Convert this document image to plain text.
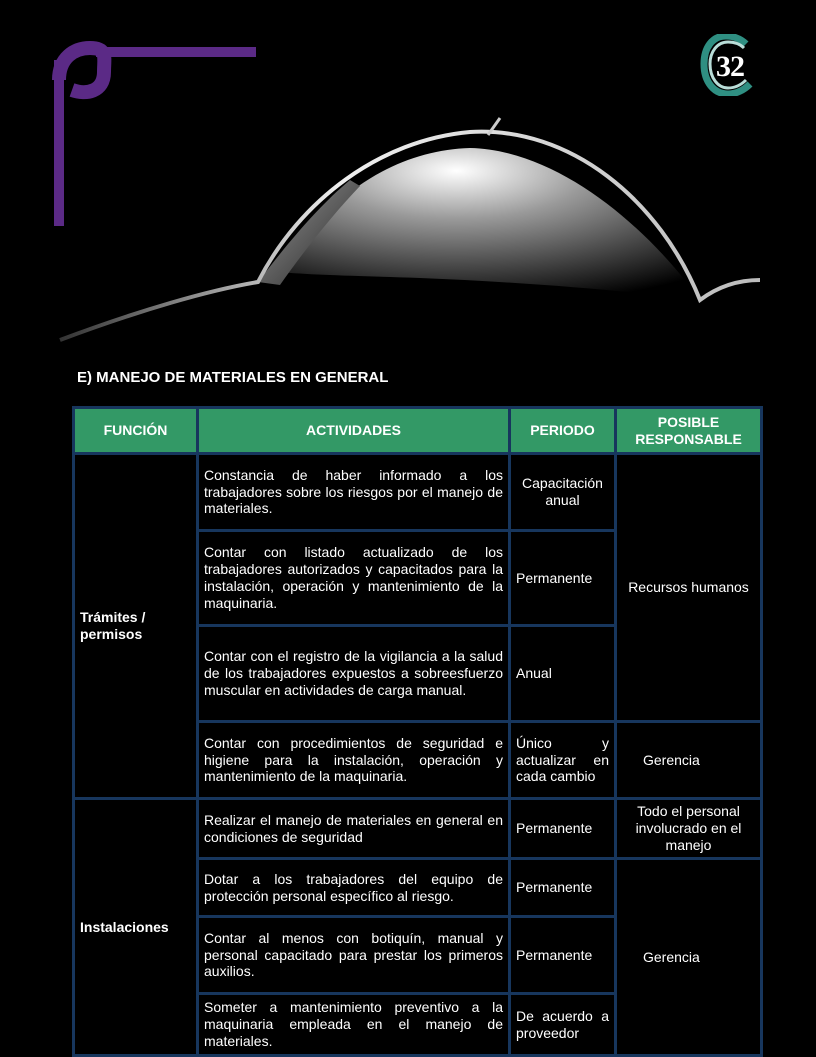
32
E) MANEJO DE MATERIALES EN GENERAL
FUNCIÓN	ACTIVIDADES	PERIODO	POSIBLE RESPONSABLE
Trámites / permisos	Constancia de haber informado a los trabajadores sobre los riesgos por el manejo de materiales.	Capacitación anual	Recursos humanos
	Contar con listado actualizado de los trabajadores autorizados y capacitados para la instalación, operación y mantenimiento de la maquinaria.	Permanente	
	Contar con el registro de la vigilancia a la salud de los trabajadores expuestos a sobreesfuerzo muscular en actividades de carga manual.	Anual	
	Contar con procedimientos de seguridad e higiene para la instalación, operación y mantenimiento de la maquinaria.	Único y actualizar en cada cambio	Gerencia
Instalaciones	Realizar el manejo de materiales en general en condiciones de seguridad	Permanente	Todo el personal involucrado en el manejo
	Dotar a los trabajadores del equipo de protección personal específico al riesgo.	Permanente	Gerencia
	Contar al menos con botiquín, manual y personal capacitado para prestar los primeros auxilios.	Permanente	
	Someter a mantenimiento preventivo a la maquinaria empleada en el manejo de materiales.	De acuerdo a proveedor	
